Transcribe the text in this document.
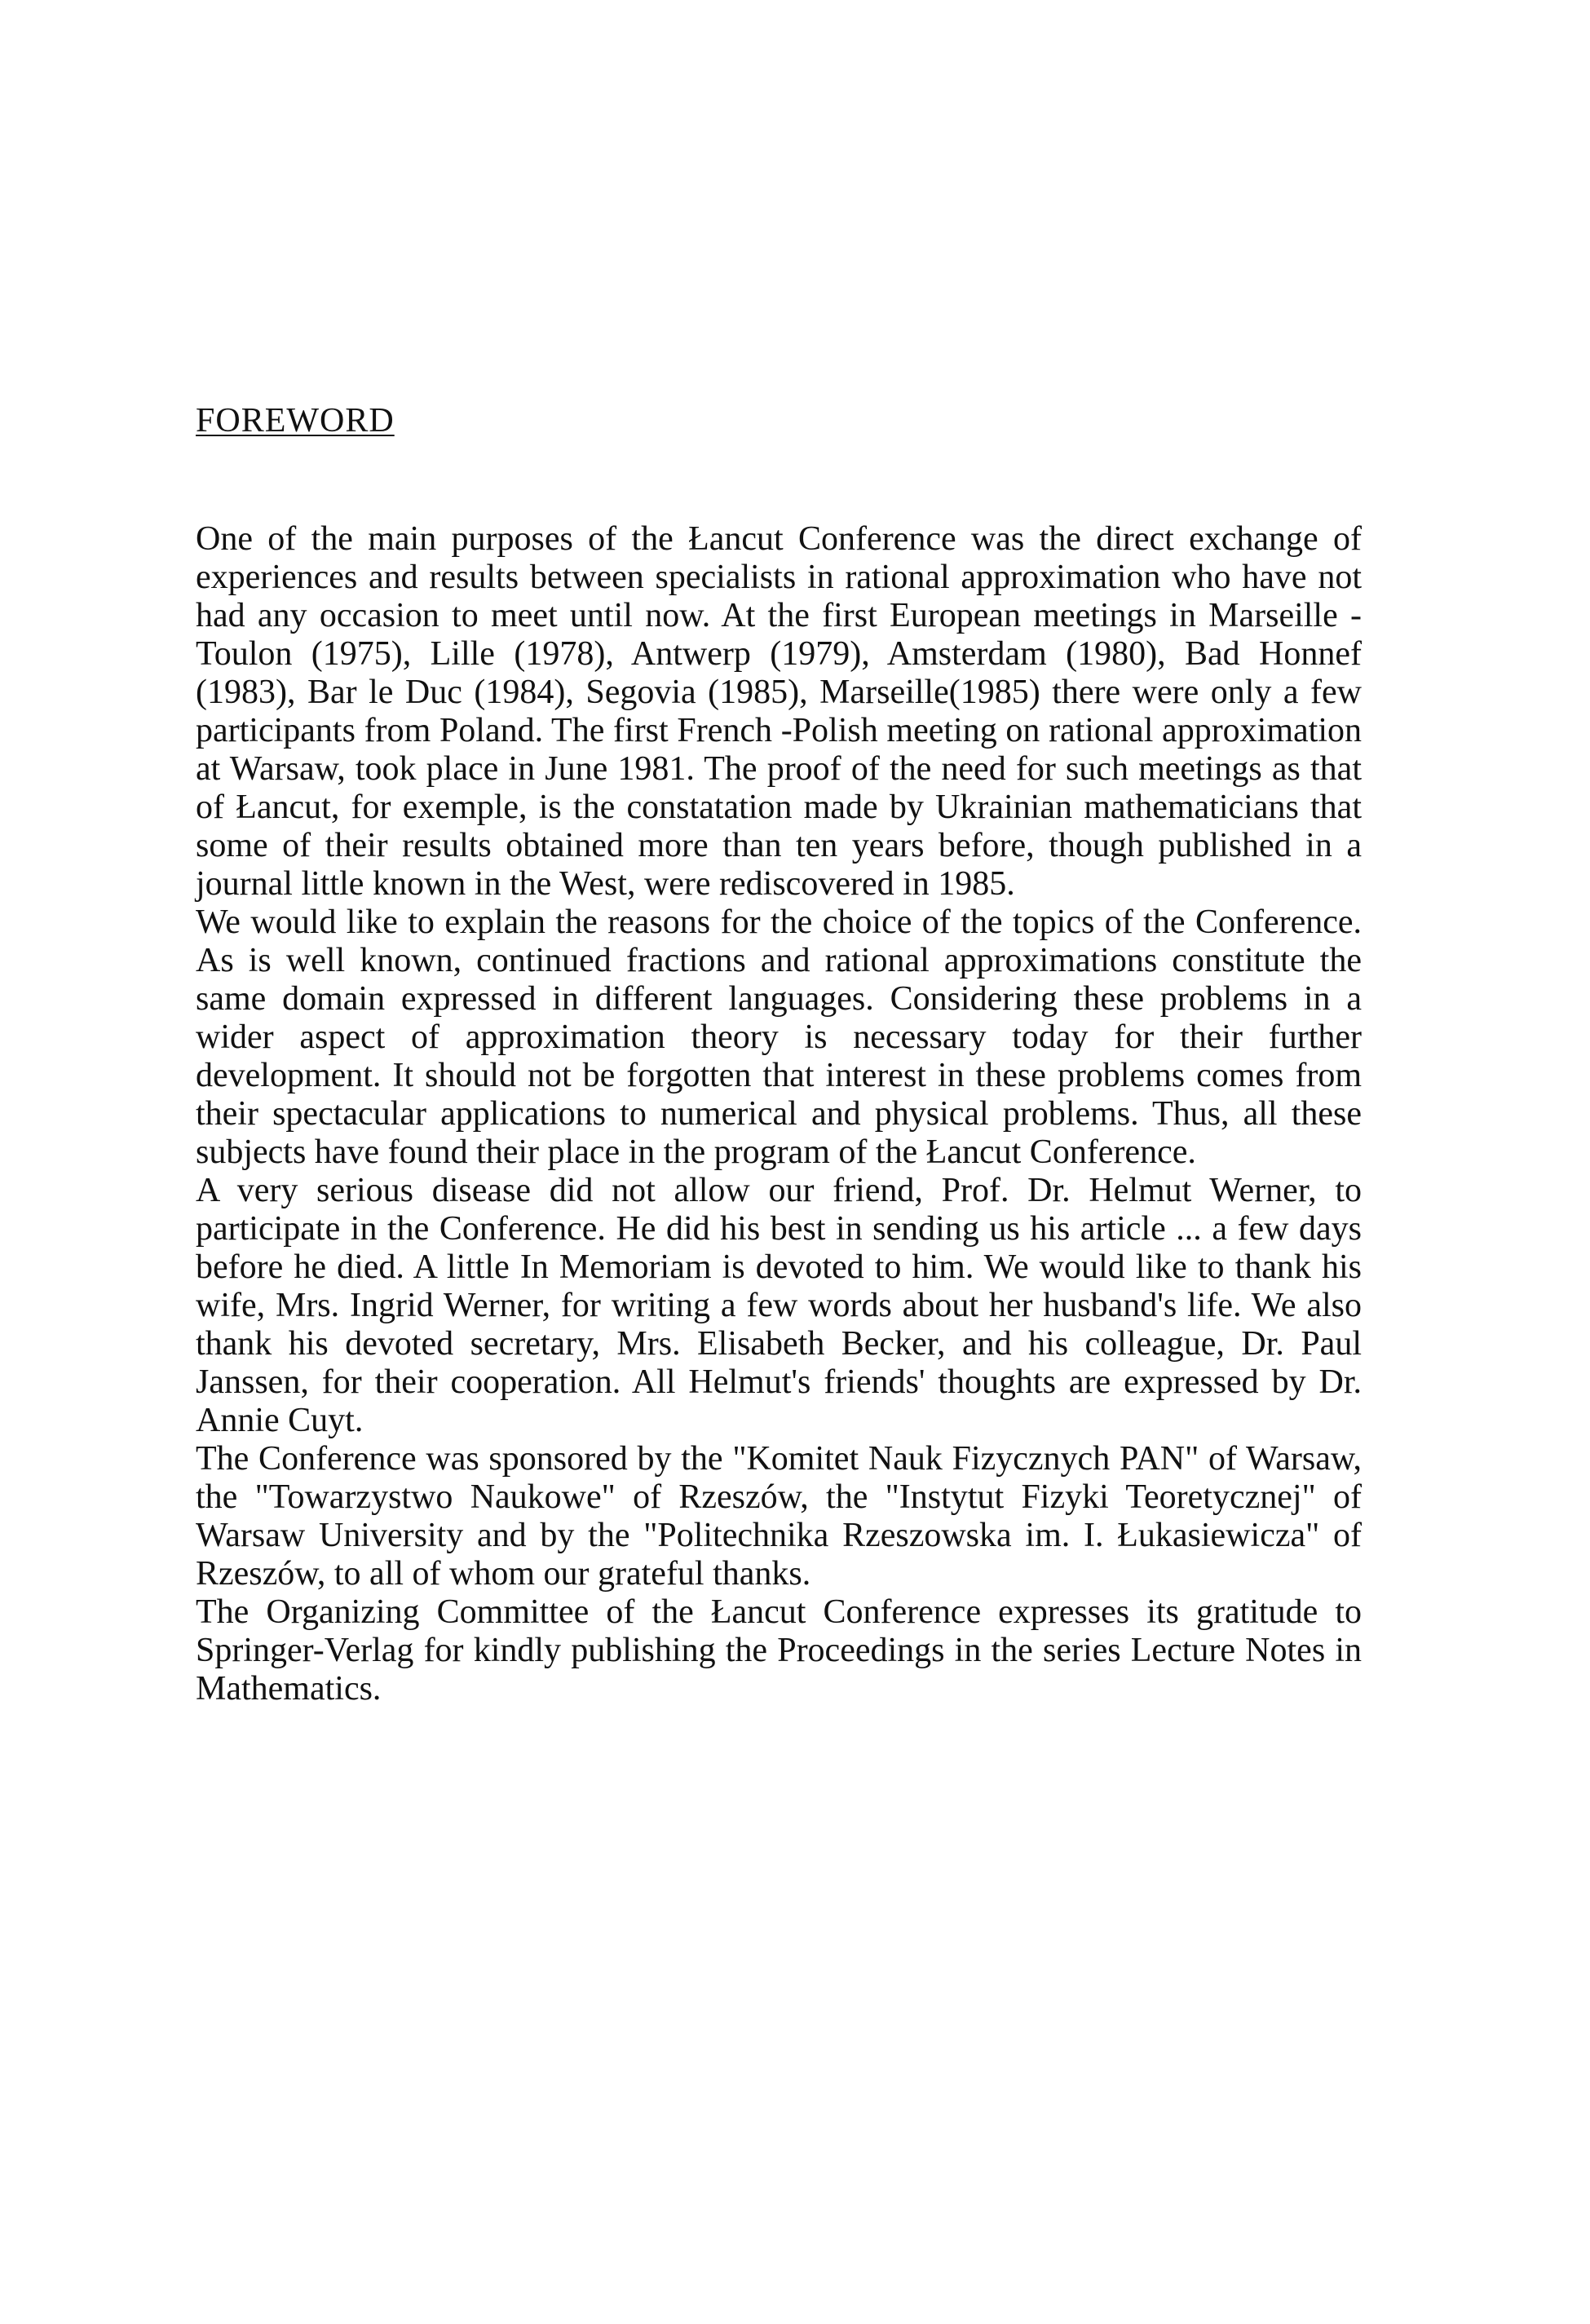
FOREWORD

One of the main purposes of the Łancut Conference was the direct exchange of experiences and results between specialists in rational approximation who have not had any occasion to meet until now. At the first European meetings in Marseille -Toulon (1975), Lille (1978), Antwerp (1979), Amsterdam (1980), Bad Honnef (1983), Bar le Duc (1984), Segovia (1985), Marseille(1985) there were only a few participants from Poland. The first French -Polish meeting on rational approximation at Warsaw, took place in June 1981. The proof of the need for such meetings as that of Łancut, for exemple, is the constatation made by Ukrainian mathematicians that some of their results obtained more than ten years before, though published in a journal little known in the West, were rediscovered in 1985.

We would like to explain the reasons for the choice of the topics of the Conference. As is well known, continued fractions and rational approximations constitute the same domain expressed in different languages. Considering these problems in a wider aspect of approximation theory is necessary today for their further development. It should not be forgotten that interest in these problems comes from their spectacular applications to numerical and physical problems. Thus, all these subjects have found their place in the program of the Łancut Conference.

A very serious disease did not allow our friend, Prof. Dr. Helmut Werner, to participate in the Conference. He did his best in sending us his article ... a few days before he died. A little In Memoriam is devoted to him. We would like to thank his wife, Mrs. Ingrid Werner, for writing a few words about her husband's life. We also thank his devoted secretary, Mrs. Elisabeth Becker, and his colleague, Dr. Paul Janssen, for their cooperation. All Helmut's friends' thoughts are expressed by Dr. Annie Cuyt.

The Conference was sponsored by the "Komitet Nauk Fizycznych PAN" of Warsaw, the "Towarzystwo Naukowe" of Rzeszów, the "Instytut Fizyki Teoretycznej" of Warsaw University and by the "Politechnika Rzeszowska im. I. Łukasiewicza" of Rzeszów, to all of whom our grateful thanks.

The Organizing Committee of the Łancut Conference expresses its gratitude to Springer-Verlag for kindly publishing the Proceedings in the series Lecture Notes in Mathematics.
